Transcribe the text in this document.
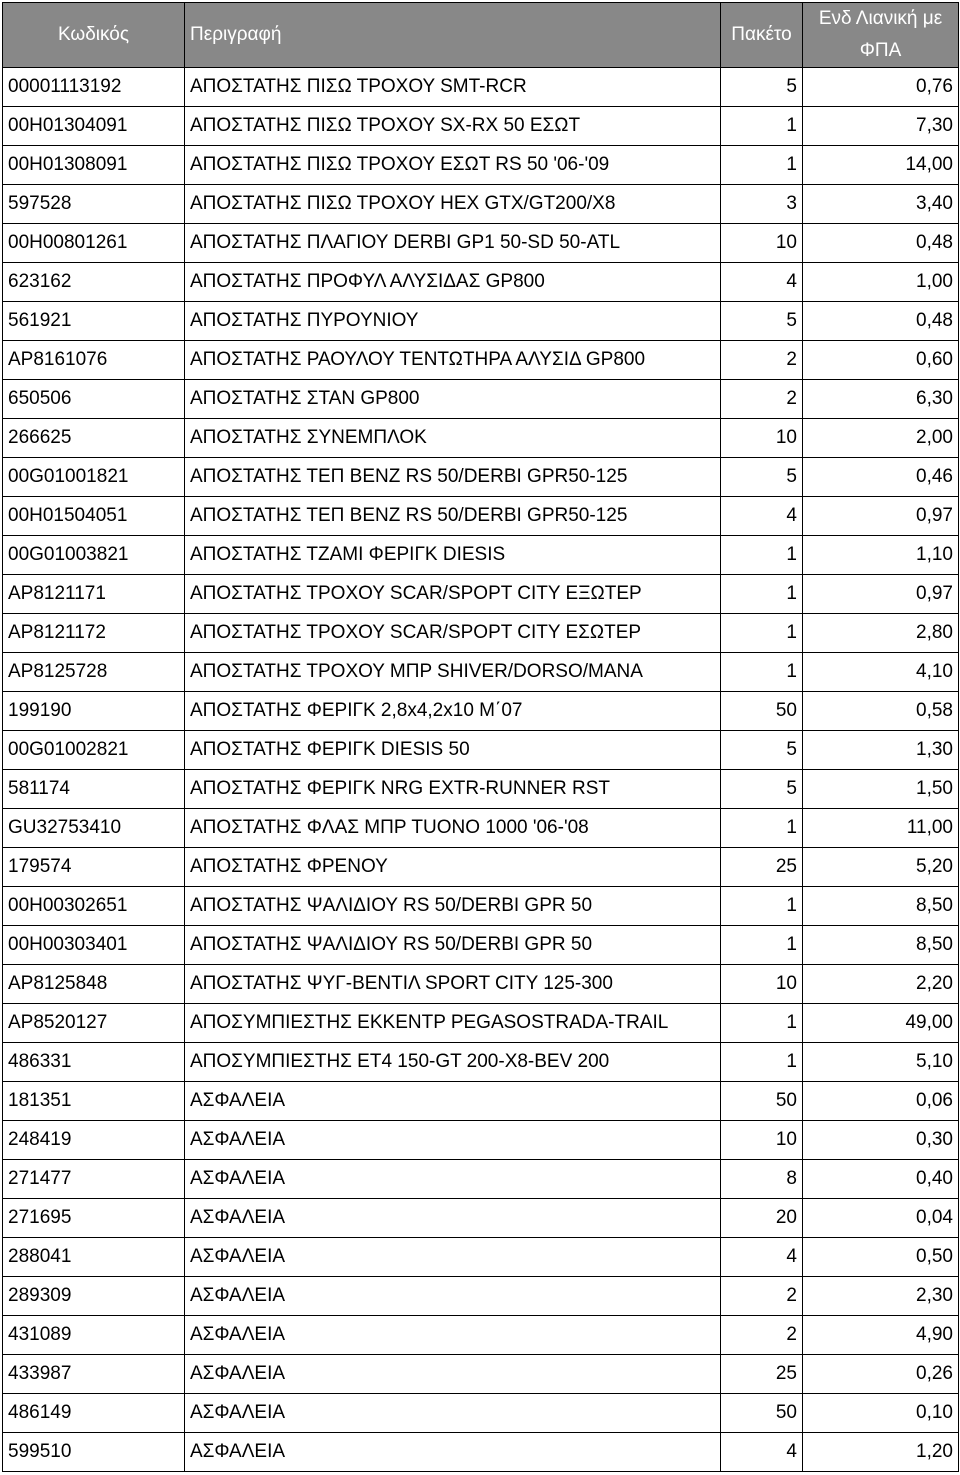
Κωδικός	Περιγραφή	Πακέτο	Ενδ Λιανική με ΦΠΑ
00001113192	ΑΠΟΣΤΑΤΗΣ ΠΙΣΩ ΤΡΟΧΟΥ SMT-RCR	5	0,76
00H01304091	ΑΠΟΣΤΑΤΗΣ ΠΙΣΩ ΤΡΟΧΟΥ SX-RX 50 ΕΣΩΤ	1	7,30
00H01308091	ΑΠΟΣΤΑΤΗΣ ΠΙΣΩ ΤΡΟΧΟΥ ΕΣΩΤ RS 50 '06-'09	1	14,00
597528	ΑΠΟΣΤΑΤΗΣ ΠΙΣΩ ΤΡΟΧΟΥ HEX GTX/GT200/X8	3	3,40
00H00801261	ΑΠΟΣΤΑΤΗΣ ΠΛΑΓΙΟΥ DERBI GP1 50-SD 50-ATL	10	0,48
623162	ΑΠΟΣΤΑΤΗΣ ΠΡΟΦΥΛ ΑΛΥΣΙΔΑΣ GP800	4	1,00
561921	ΑΠΟΣΤΑΤΗΣ ΠΥΡΟΥΝΙΟΥ	5	0,48
AP8161076	ΑΠΟΣΤΑΤΗΣ ΡΑΟΥΛΟΥ ΤΕΝΤΩΤΗΡΑ ΑΛΥΣΙΔ GP800	2	0,60
650506	ΑΠΟΣΤΑΤΗΣ ΣΤΑΝ GP800	2	6,30
266625	ΑΠΟΣΤΑΤΗΣ ΣΥΝΕΜΠΛΟΚ	10	2,00
00G01001821	ΑΠΟΣΤΑΤΗΣ ΤΕΠ BENZ RS 50/DERBI GPR50-125	5	0,46
00H01504051	ΑΠΟΣΤΑΤΗΣ ΤΕΠ BENZ RS 50/DERBI GPR50-125	4	0,97
00G01003821	ΑΠΟΣΤΑΤΗΣ ΤΖΑΜΙ ΦΕΡΙΓΚ DIESIS	1	1,10
AP8121171	ΑΠΟΣΤΑΤΗΣ ΤΡΟΧΟΥ SCAR/SPOPT CITY ΕΞΩΤΕΡ	1	0,97
AP8121172	ΑΠΟΣΤΑΤΗΣ ΤΡΟΧΟΥ SCAR/SPOPT CITY ΕΣΩΤΕΡ	1	2,80
AP8125728	ΑΠΟΣΤΑΤΗΣ ΤΡΟΧΟΥ ΜΠΡ SHIVER/DORSO/MANA	1	4,10
199190	ΑΠΟΣΤΑΤΗΣ ΦΕΡΙΓΚ 2,8x4,2x10 M΄07	50	0,58
00G01002821	ΑΠΟΣΤΑΤΗΣ ΦΕΡΙΓΚ DIESIS 50	5	1,30
581174	ΑΠΟΣΤΑΤΗΣ ΦΕΡΙΓΚ NRG EXTR-RUNNER RST	5	1,50
GU32753410	ΑΠΟΣΤΑΤΗΣ ΦΛΑΣ ΜΠΡ TUONO 1000 '06-'08	1	11,00
179574	ΑΠΟΣΤΑΤΗΣ ΦΡΕΝΟΥ	25	5,20
00H00302651	ΑΠΟΣΤΑΤΗΣ ΨΑΛΙΔΙΟΥ RS 50/DERBI GPR 50	1	8,50
00H00303401	ΑΠΟΣΤΑΤΗΣ ΨΑΛΙΔΙΟΥ RS 50/DERBI GPR 50	1	8,50
AP8125848	ΑΠΟΣΤΑΤΗΣ ΨΥΓ-ΒΕΝΤΙΛ SPORT CITY 125-300	10	2,20
AP8520127	ΑΠΟΣΥΜΠΙΕΣΤΗΣ ΕΚΚΕΝΤΡ PEGASOSTRADA-TRAIL	1	49,00
486331	ΑΠΟΣΥΜΠΙΕΣΤΗΣ ET4 150-GT 200-X8-BEV 200	1	5,10
181351	ΑΣΦΑΛΕΙΑ	50	0,06
248419	ΑΣΦΑΛΕΙΑ	10	0,30
271477	ΑΣΦΑΛΕΙΑ	8	0,40
271695	ΑΣΦΑΛΕΙΑ	20	0,04
288041	ΑΣΦΑΛΕΙΑ	4	0,50
289309	ΑΣΦΑΛΕΙΑ	2	2,30
431089	ΑΣΦΑΛΕΙΑ	2	4,90
433987	ΑΣΦΑΛΕΙΑ	25	0,26
486149	ΑΣΦΑΛΕΙΑ	50	0,10
599510	ΑΣΦΑΛΕΙΑ	4	1,20
